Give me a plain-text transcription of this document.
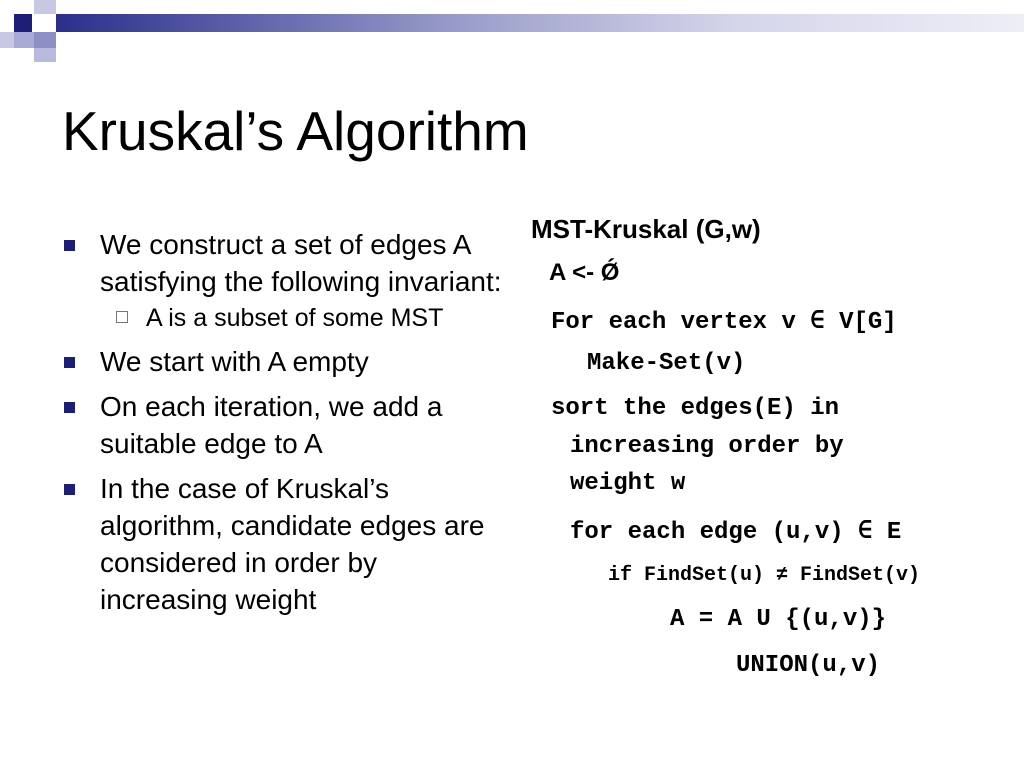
Kruskal’s Algorithm
We construct a set of edges A satisfying the following invariant:
A is a subset of some MST
We start with A empty
On each iteration, we add a suitable edge to A
In the case of Kruskal’s algorithm, candidate edges are considered in order by increasing weight
MST-Kruskal (G,w)
A <- Ǿ
For each vertex v ∈ V[G]
Make-Set(v)
sort the edges(E) in
increasing order by
weight w
for each edge (u,v) ∈ E
if FindSet(u) ≠ FindSet(v)
A = A U {(u,v)}
UNION(u,v)
